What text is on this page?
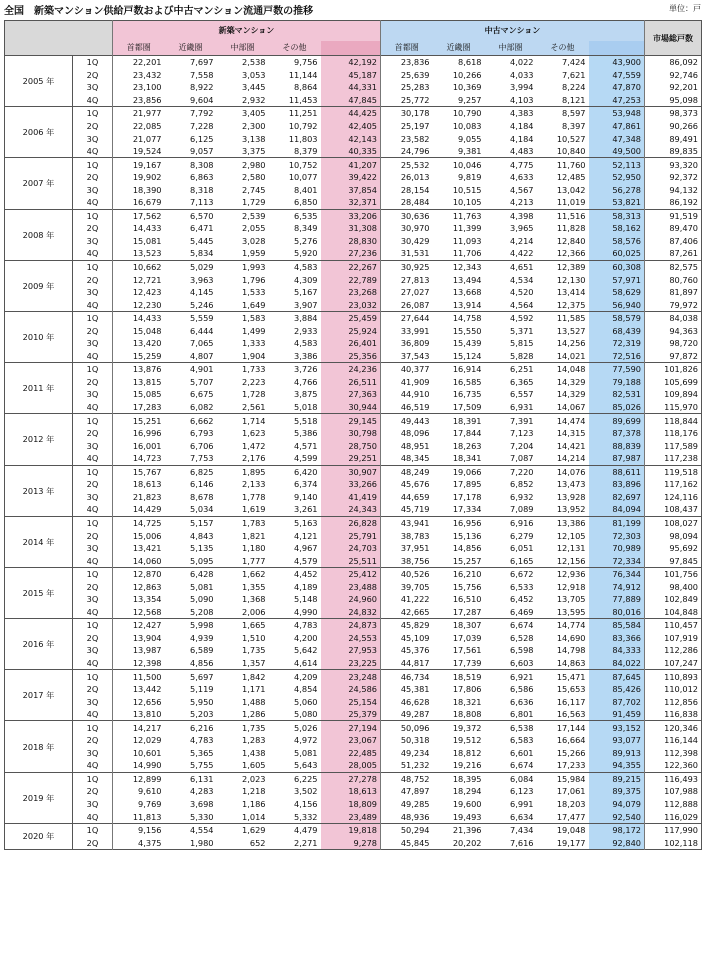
全国　新築マンション供給戸数および中古マンション流通戸数の推移	単位：戸
		新築マンション					中古マンション					市場総戸数
		首都圏	近畿圏	中部圏	その他		首都圏	近畿圏	中部圏	その他		
2005 年	1Q	22,201	7,697	2,538	9,756	42,192	23,836	8,618	4,022	7,424	43,900	86,092
	2Q	23,432	7,558	3,053	11,144	45,187	25,639	10,266	4,033	7,621	47,559	92,746
	3Q	23,100	8,922	3,445	8,864	44,331	25,283	10,369	3,994	8,224	47,870	92,201
	4Q	23,856	9,604	2,932	11,453	47,845	25,772	9,257	4,103	8,121	47,253	95,098
2006 年	1Q	21,977	7,792	3,405	11,251	44,425	30,178	10,790	4,383	8,597	53,948	98,373
	2Q	22,085	7,228	2,300	10,792	42,405	25,197	10,083	4,184	8,397	47,861	90,266
	3Q	21,077	6,125	3,138	11,803	42,143	23,582	9,055	4,184	10,527	47,348	89,491
	4Q	19,524	9,057	3,375	8,379	40,335	24,796	9,381	4,483	10,840	49,500	89,835
2007 年	1Q	19,167	8,308	2,980	10,752	41,207	25,532	10,046	4,775	11,760	52,113	93,320
	2Q	19,902	6,863	2,580	10,077	39,422	26,013	9,819	4,633	12,485	52,950	92,372
	3Q	18,390	8,318	2,745	8,401	37,854	28,154	10,515	4,567	13,042	56,278	94,132
	4Q	16,679	7,113	1,729	6,850	32,371	28,484	10,105	4,213	11,019	53,821	86,192
2008 年	1Q	17,562	6,570	2,539	6,535	33,206	30,636	11,763	4,398	11,516	58,313	91,519
	2Q	14,433	6,471	2,055	8,349	31,308	30,970	11,399	3,965	11,828	58,162	89,470
	3Q	15,081	5,445	3,028	5,276	28,830	30,429	11,093	4,214	12,840	58,576	87,406
	4Q	13,523	5,834	1,959	5,920	27,236	31,531	11,706	4,422	12,366	60,025	87,261
2009 年	1Q	10,662	5,029	1,993	4,583	22,267	30,925	12,343	4,651	12,389	60,308	82,575
	2Q	12,721	3,963	1,796	4,309	22,789	27,813	13,494	4,534	12,130	57,971	80,760
	3Q	12,423	4,145	1,533	5,167	23,268	27,027	13,668	4,520	13,414	58,629	81,897
	4Q	12,230	5,246	1,649	3,907	23,032	26,087	13,914	4,564	12,375	56,940	79,972
2010 年	1Q	14,433	5,559	1,583	3,884	25,459	27,644	14,758	4,592	11,585	58,579	84,038
	2Q	15,048	6,444	1,499	2,933	25,924	33,991	15,550	5,371	13,527	68,439	94,363
	3Q	13,420	7,065	1,333	4,583	26,401	36,809	15,439	5,815	14,256	72,319	98,720
	4Q	15,259	4,807	1,904	3,386	25,356	37,543	15,124	5,828	14,021	72,516	97,872
2011 年	1Q	13,876	4,901	1,733	3,726	24,236	40,377	16,914	6,251	14,048	77,590	101,826
	2Q	13,815	5,707	2,223	4,766	26,511	41,909	16,585	6,365	14,329	79,188	105,699
	3Q	15,085	6,675	1,728	3,875	27,363	44,910	16,735	6,557	14,329	82,531	109,894
	4Q	17,283	6,082	2,561	5,018	30,944	46,519	17,509	6,931	14,067	85,026	115,970
2012 年	1Q	15,251	6,662	1,714	5,518	29,145	49,443	18,391	7,391	14,474	89,699	118,844
	2Q	16,996	6,793	1,623	5,386	30,798	48,096	17,844	7,123	14,315	87,378	118,176
	3Q	16,001	6,706	1,472	4,571	28,750	48,951	18,263	7,204	14,421	88,839	117,589
	4Q	14,723	7,753	2,176	4,599	29,251	48,345	18,341	7,087	14,214	87,987	117,238
2013 年	1Q	15,767	6,825	1,895	6,420	30,907	48,249	19,066	7,220	14,076	88,611	119,518
	2Q	18,613	6,146	2,133	6,374	33,266	45,676	17,895	6,852	13,473	83,896	117,162
	3Q	21,823	8,678	1,778	9,140	41,419	44,659	17,178	6,932	13,928	82,697	124,116
	4Q	14,429	5,034	1,619	3,261	24,343	45,719	17,334	7,089	13,952	84,094	108,437
2014 年	1Q	14,725	5,157	1,783	5,163	26,828	43,941	16,956	6,916	13,386	81,199	108,027
	2Q	15,006	4,843	1,821	4,121	25,791	38,783	15,136	6,279	12,105	72,303	98,094
	3Q	13,421	5,135	1,180	4,967	24,703	37,951	14,856	6,051	12,131	70,989	95,692
	4Q	14,060	5,095	1,777	4,579	25,511	38,756	15,257	6,165	12,156	72,334	97,845
2015 年	1Q	12,870	6,428	1,662	4,452	25,412	40,526	16,210	6,672	12,936	76,344	101,756
	2Q	12,863	5,081	1,355	4,189	23,488	39,705	15,756	6,533	12,918	74,912	98,400
	3Q	13,354	5,090	1,368	5,148	24,960	41,222	16,510	6,452	13,705	77,889	102,849
	4Q	12,568	5,208	2,006	4,990	24,832	42,665	17,287	6,469	13,595	80,016	104,848
2016 年	1Q	12,427	5,998	1,665	4,783	24,873	45,829	18,307	6,674	14,774	85,584	110,457
	2Q	13,904	4,939	1,510	4,200	24,553	45,109	17,039	6,528	14,690	83,366	107,919
	3Q	13,987	6,589	1,735	5,642	27,953	45,376	17,561	6,598	14,798	84,333	112,286
	4Q	12,398	4,856	1,357	4,614	23,225	44,817	17,739	6,603	14,863	84,022	107,247
2017 年	1Q	11,500	5,697	1,842	4,209	23,248	46,734	18,519	6,921	15,471	87,645	110,893
	2Q	13,442	5,119	1,171	4,854	24,586	45,381	17,806	6,586	15,653	85,426	110,012
	3Q	12,656	5,950	1,488	5,060	25,154	46,628	18,321	6,636	16,117	87,702	112,856
	4Q	13,810	5,203	1,286	5,080	25,379	49,287	18,808	6,801	16,563	91,459	116,838
2018 年	1Q	14,217	6,216	1,735	5,026	27,194	50,096	19,372	6,538	17,144	93,152	120,346
	2Q	12,029	4,783	1,283	4,972	23,067	50,318	19,512	6,583	16,664	93,077	116,144
	3Q	10,601	5,365	1,438	5,081	22,485	49,234	18,812	6,601	15,266	89,913	112,398
	4Q	14,990	5,755	1,605	5,643	28,005	51,232	19,216	6,674	17,233	94,355	122,360
2019 年	1Q	12,899	6,131	2,023	6,225	27,278	48,752	18,395	6,084	15,984	89,215	116,493
	2Q	9,610	4,283	1,218	3,502	18,613	47,897	18,294	6,123	17,061	89,375	107,988
	3Q	9,769	3,698	1,186	4,156	18,809	49,285	19,600	6,991	18,203	94,079	112,888
	4Q	11,813	5,330	1,014	5,332	23,489	48,936	19,493	6,634	17,477	92,540	116,029
2020 年	1Q	9,156	4,554	1,629	4,479	19,818	50,294	21,396	7,434	19,048	98,172	117,990
	2Q	4,375	1,980	652	2,271	9,278	45,845	20,202	7,616	19,177	92,840	102,118
